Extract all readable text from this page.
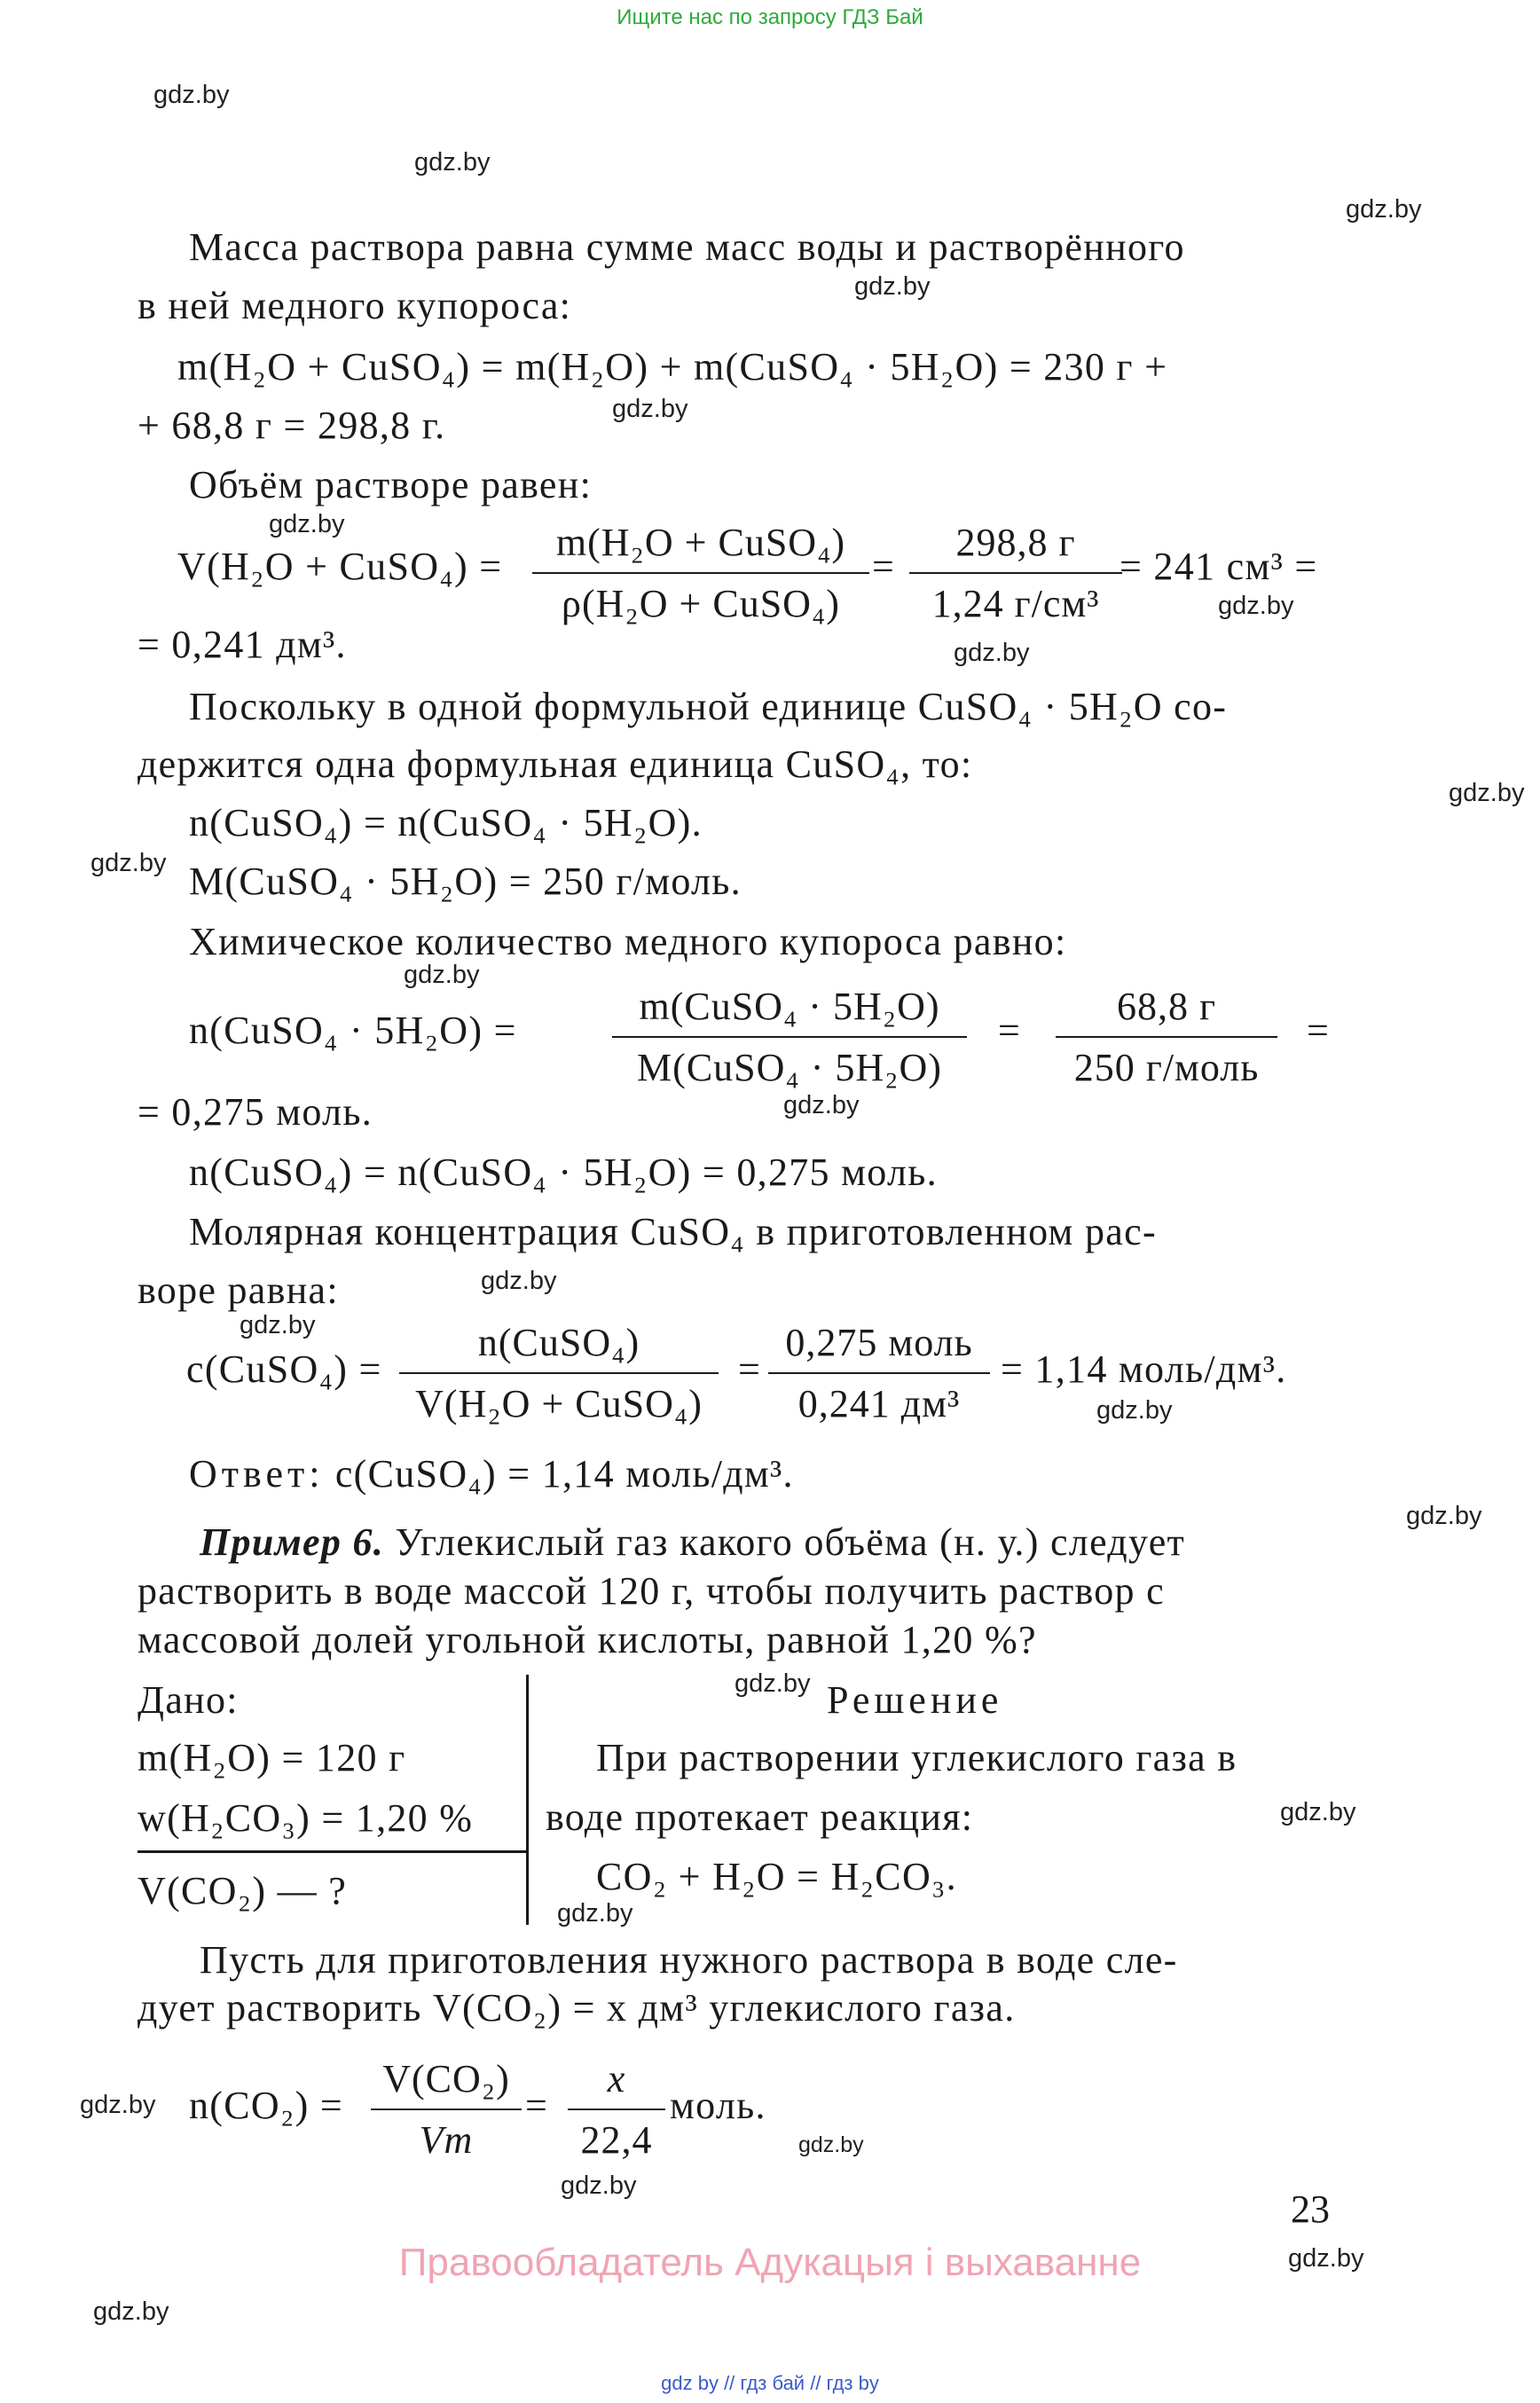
Ищите нас по запросу ГДЗ Бай
gdz.by
gdz.by
gdz.by
gdz.by
gdz.by
gdz.by
gdz.by
gdz.by
gdz.by
gdz.by
gdz.by
gdz.by
gdz.by
gdz.by
gdz.by
gdz.by
gdz.by
gdz.by
gdz.by
gdz.by
gdz.by
gdz.by
gdz.by
gdz.by
Масса раствора равна сумме масс воды и растворённого
в ней медного купороса:
m(H₂O + CuSO₄) = m(H₂O) + m(CuSO₄ · 5H₂O) = 230 г +
+ 68,8 г = 298,8 г.
Объём растворе равен:
V(H₂O + CuSO₄) =
m(H₂O + CuSO₄)
ρ(H₂O + CuSO₄)
=
298,8 г
1,24 г/см³
= 241 см³ =
= 0,241 дм³.
Поскольку в одной формульной единице CuSO₄ · 5H₂O со-
держится одна формульная единица CuSO₄, то:
n(CuSO₄) = n(CuSO₄ · 5H₂O).
M(CuSO₄ · 5H₂O) = 250 г/моль.
Химическое количество медного купороса равно:
n(CuSO₄ · 5H₂O) =
m(CuSO₄ · 5H₂O)
M(CuSO₄ · 5H₂O)
=
68,8 г
250 г/моль
=
= 0,275 моль.
n(CuSO₄) = n(CuSO₄ · 5H₂O) = 0,275 моль.
Молярная концентрация CuSO₄ в приготовленном рас-
воре равна:
c(CuSO₄) =
n(CuSO₄)
V(H₂O + CuSO₄)
=
0,275 моль
0,241 дм³
= 1,14 моль/дм³.
Ответ: c(CuSO₄) = 1,14 моль/дм³.
Пример 6. Углекислый газ какого объёма (н. у.) следует
растворить в воде массой 120 г, чтобы получить раствор с
массовой долей угольной кислоты, равной 1,20 %?
Дано:
m(H₂O) = 120 г
w(H₂CO₃) = 1,20 %
V(CO₂) — ?
Решение
При растворении углекислого газа в
воде протекает реакция:
CO₂ + H₂O = H₂CO₃.
Пусть для приготовления нужного раствора в воде сле-
дует растворить V(CO₂) = x дм³ углекислого газа.
$n(CO_2) = \frac{\text{V(CO₂)}}{Vm} = \frac{x}{22,4}$ моль.
23
Правообладатель Адукацыя і выхаванне
gdz by // гдз бай // гдз by
